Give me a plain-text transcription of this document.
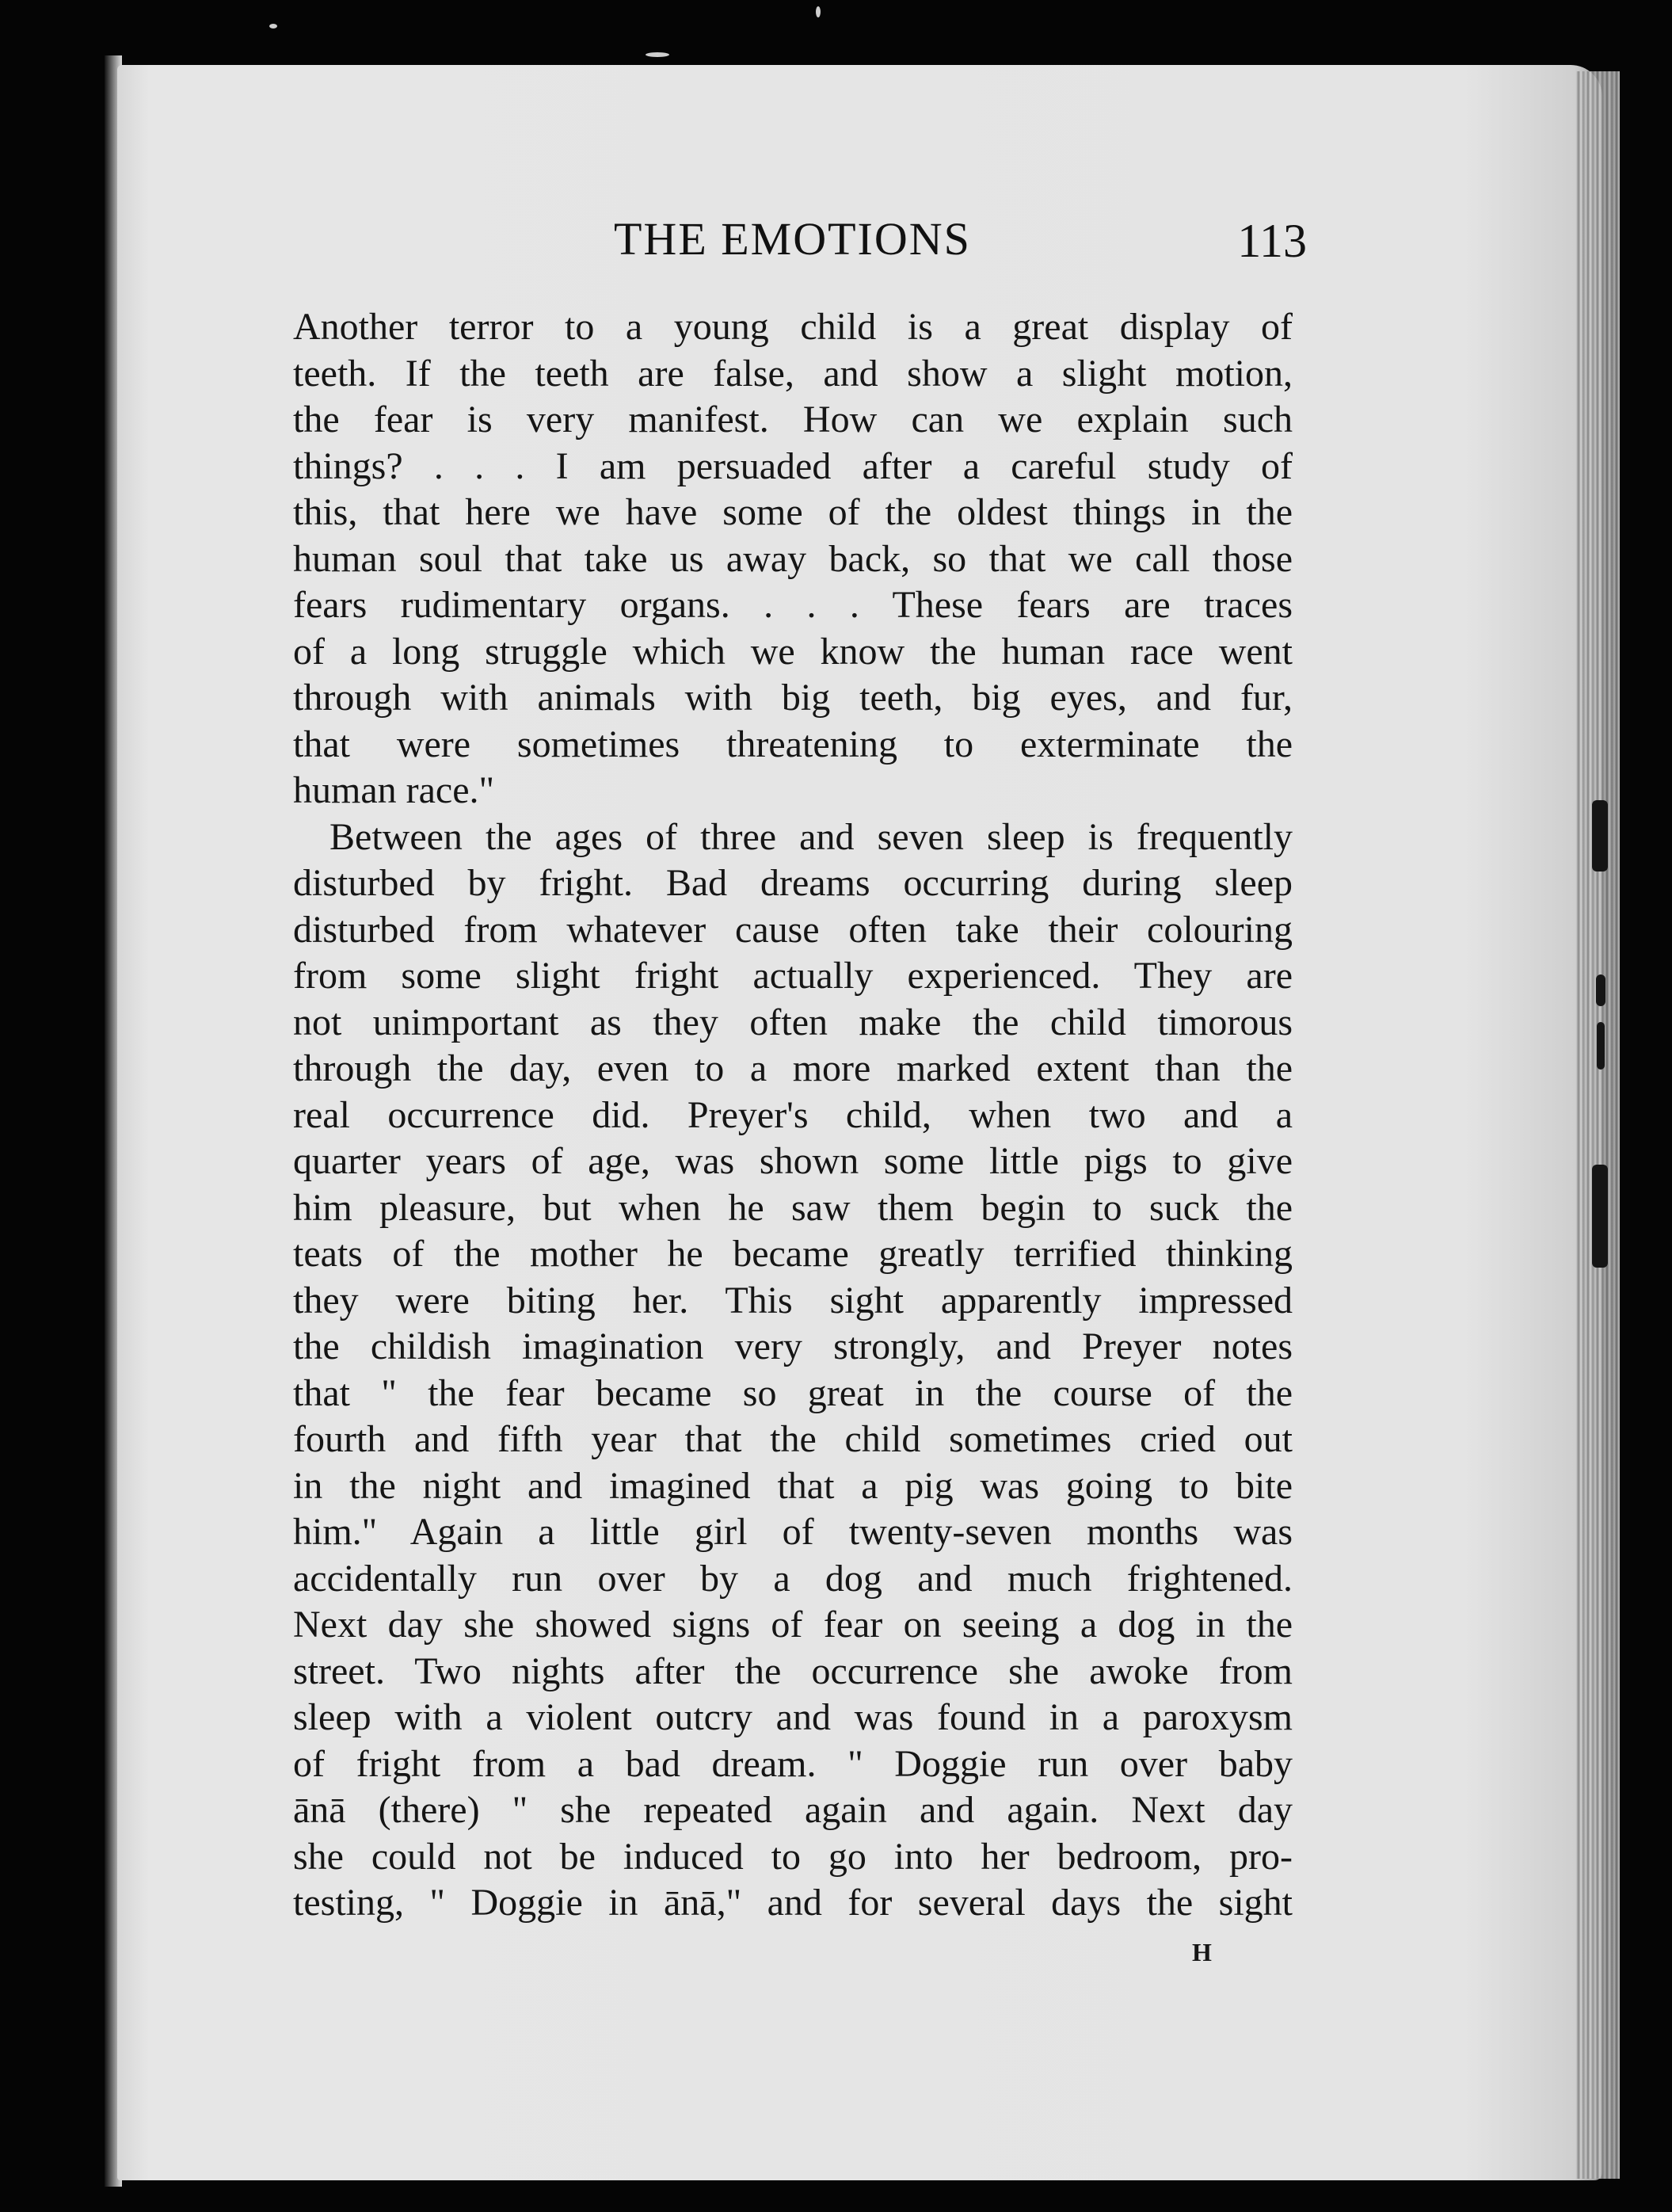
THE EMOTIONS	113
Another terror to a young child is a great display of
teeth. If the teeth are false, and show a slight motion,
the fear is very manifest. How can we explain such
things? . . . I am persuaded after a careful study of
this, that here we have some of the oldest things in the
human soul that take us away back, so that we call those
fears rudimentary organs. . . . These fears are traces
of a long struggle which we know the human race went
through with animals with big teeth, big eyes, and fur,
that were sometimes threatening to exterminate the
human race."
Between the ages of three and seven sleep is frequently
disturbed by fright. Bad dreams occurring during sleep
disturbed from whatever cause often take their colouring
from some slight fright actually experienced. They are
not unimportant as they often make the child timorous
through the day, even to a more marked extent than the
real occurrence did. Preyer's child, when two and a
quarter years of age, was shown some little pigs to give
him pleasure, but when he saw them begin to suck the
teats of the mother he became greatly terrified thinking
they were biting her. This sight apparently impressed
the childish imagination very strongly, and Preyer notes
that " the fear became so great in the course of the
fourth and fifth year that the child sometimes cried out
in the night and imagined that a pig was going to bite
him." Again a little girl of twenty-seven months was
accidentally run over by a dog and much frightened.
Next day she showed signs of fear on seeing a dog in the
street. Two nights after the occurrence she awoke from
sleep with a violent outcry and was found in a paroxysm
of fright from a bad dream. " Doggie run over baby
ānā (there) " she repeated again and again. Next day
she could not be induced to go into her bedroom, pro-
testing, " Doggie in ānā," and for several days the sight
H
